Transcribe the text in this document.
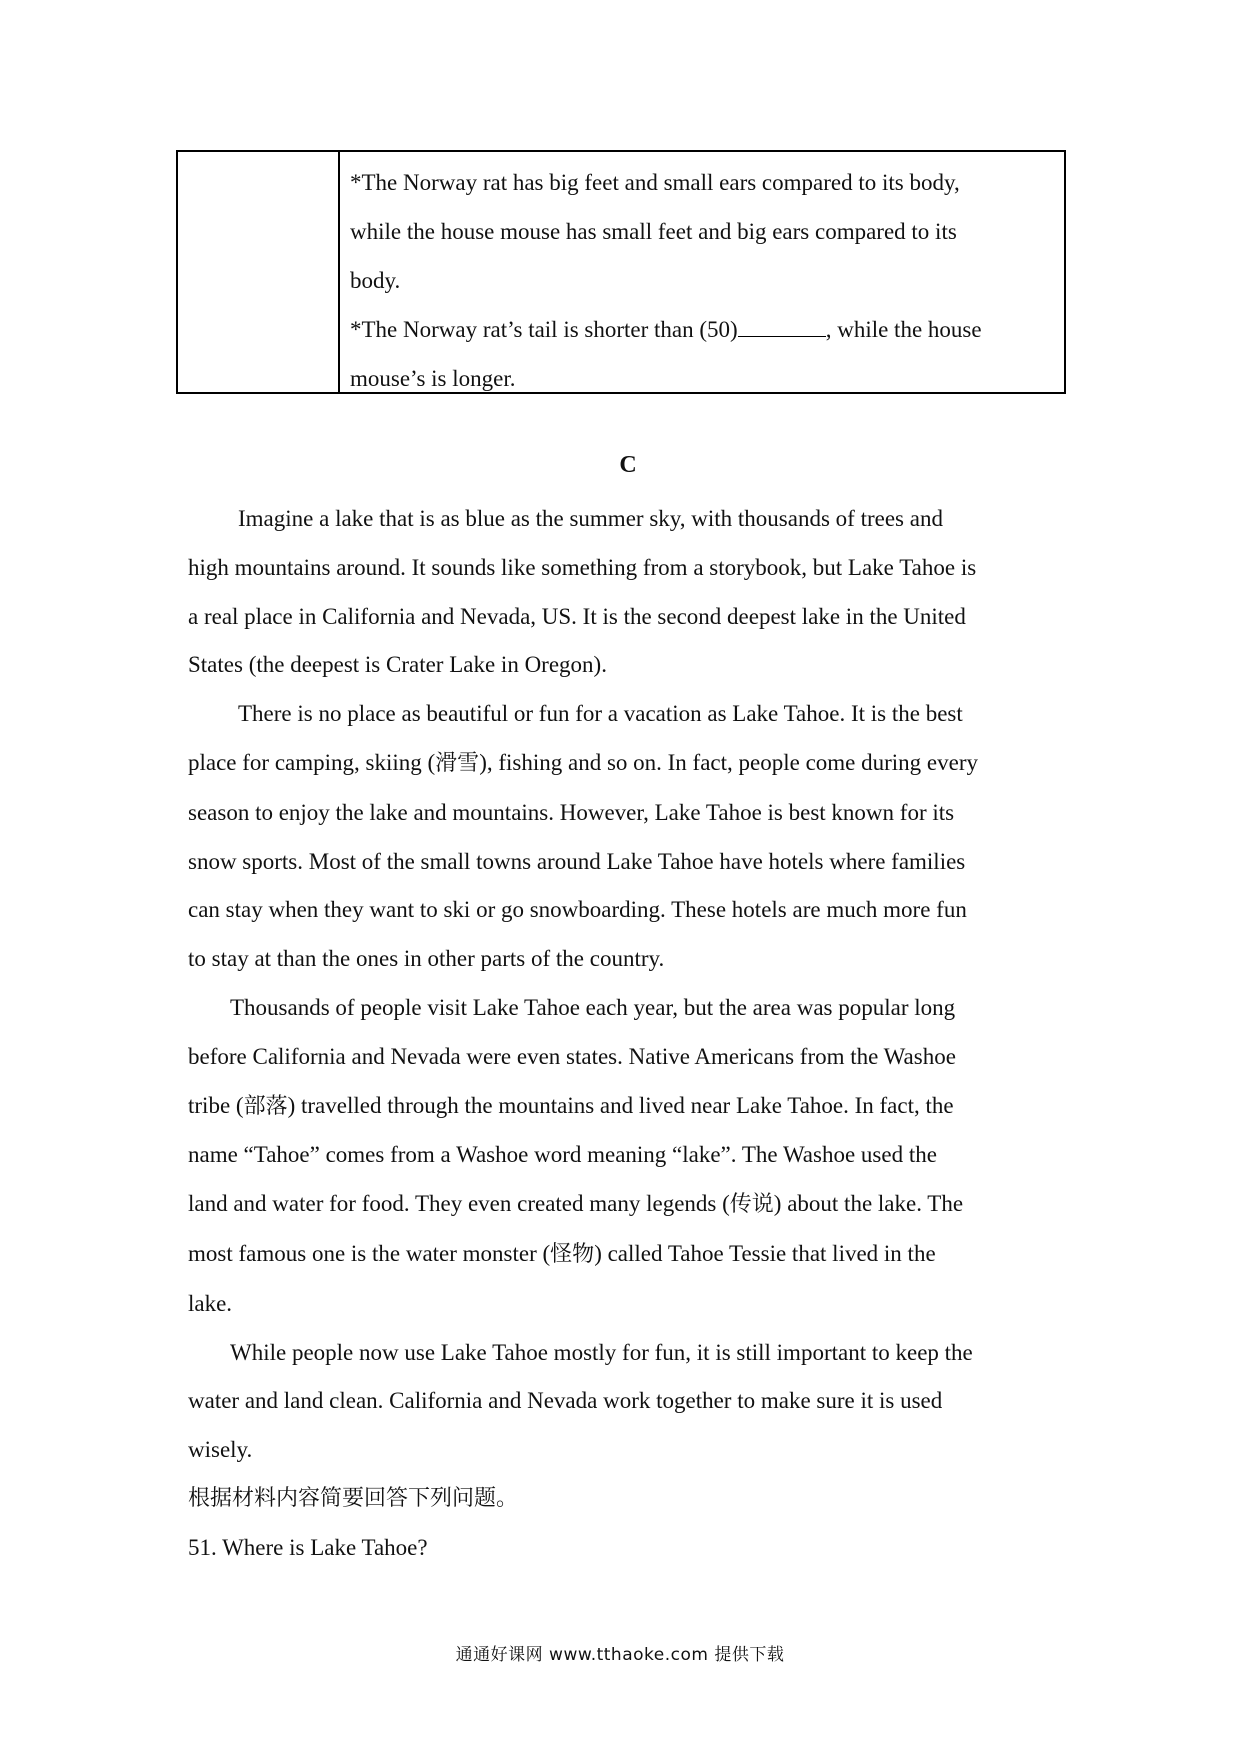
*The Norway rat has big feet and small ears compared to its body,

while the house mouse has small feet and big ears compared to its

body.

*The Norway rat’s tail is shorter than (50)	, while the house

mouse’s is longer.

C

Imagine a lake that is as blue as the summer sky, with thousands of trees and

high mountains around. It sounds like something from a storybook, but Lake Tahoe is

a real place in California and Nevada, US. It is the second deepest lake in the United

States (the deepest is Crater Lake in Oregon).

There is no place as beautiful or fun for a vacation as Lake Tahoe. It is the best

place for camping, skiing (滑雪), fishing and so on. In fact, people come during every

season to enjoy the lake and mountains. However, Lake Tahoe is best known for its

snow sports. Most of the small towns around Lake Tahoe have hotels where families

can stay when they want to ski or go snowboarding. These hotels are much more fun

to stay at than the ones in other parts of the country.

Thousands of people visit Lake Tahoe each year, but the area was popular long

before California and Nevada were even states. Native Americans from the Washoe

tribe (部落) travelled through the mountains and lived near Lake Tahoe. In fact, the

name “Tahoe” comes from a Washoe word meaning “lake”. The Washoe used the

land and water for food. They even created many legends (传说) about the lake. The

most famous one is the water monster (怪物) called Tahoe Tessie that lived in the

lake.

While people now use Lake Tahoe mostly for fun, it is still important to keep the

water and land clean. California and Nevada work together to make sure it is used

wisely.

根据材料内容简要回答下列问题。

51. Where is Lake Tahoe?

通通好课网 www.tthaoke.com 提供下载
